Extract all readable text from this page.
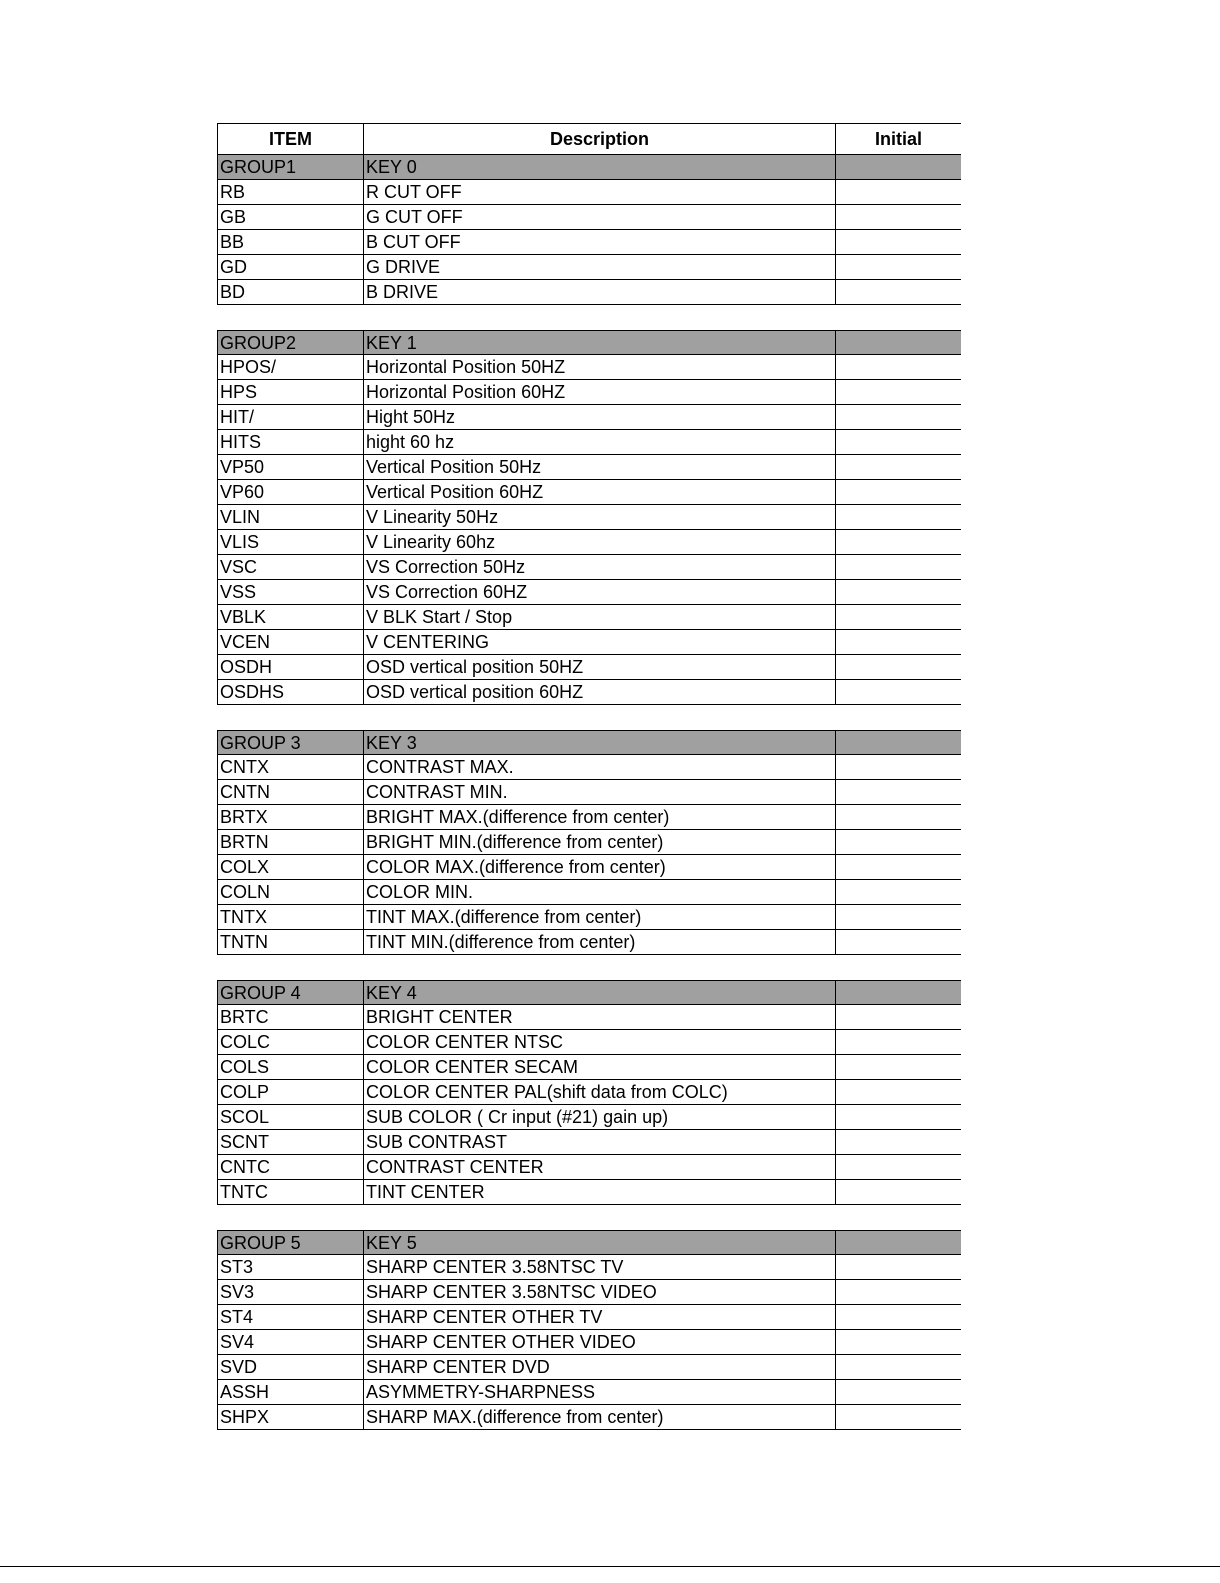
ITEM	Description	Initial
GROUP1	KEY 0
RB	R CUT OFF
GB	G CUT OFF
BB	B CUT OFF
GD	G DRIVE
BD	B DRIVE
GROUP2	KEY 1
HPOS/	Horizontal Position 50HZ
HPS	Horizontal Position 60HZ
HIT/	Hight 50Hz
HITS	hight 60 hz
VP50	Vertical Position 50Hz
VP60	Vertical Position 60HZ
VLIN	V Linearity 50Hz
VLIS	V Linearity 60hz
VSC	VS Correction 50Hz
VSS	VS Correction 60HZ
VBLK	V BLK Start / Stop
VCEN	V CENTERING
OSDH	OSD vertical position 50HZ
OSDHS	OSD vertical position 60HZ
GROUP 3	KEY 3
CNTX	CONTRAST MAX.
CNTN	CONTRAST MIN.
BRTX	BRIGHT MAX.(difference from center)
BRTN	BRIGHT MIN.(difference from center)
COLX	COLOR MAX.(difference from center)
COLN	COLOR MIN.
TNTX	TINT MAX.(difference from center)
TNTN	TINT MIN.(difference from center)
GROUP 4	KEY 4
BRTC	BRIGHT CENTER
COLC	COLOR CENTER NTSC
COLS	COLOR CENTER SECAM
COLP	COLOR CENTER PAL(shift data from COLC)
SCOL	SUB COLOR ( Cr input (#21) gain up)
SCNT	SUB CONTRAST
CNTC	CONTRAST CENTER
TNTC	TINT CENTER
GROUP 5	KEY 5
ST3	SHARP CENTER 3.58NTSC TV
SV3	SHARP CENTER 3.58NTSC VIDEO
ST4	SHARP CENTER OTHER TV
SV4	SHARP CENTER OTHER VIDEO
SVD	SHARP CENTER DVD
ASSH	ASYMMETRY-SHARPNESS
SHPX	SHARP MAX.(difference from center)
